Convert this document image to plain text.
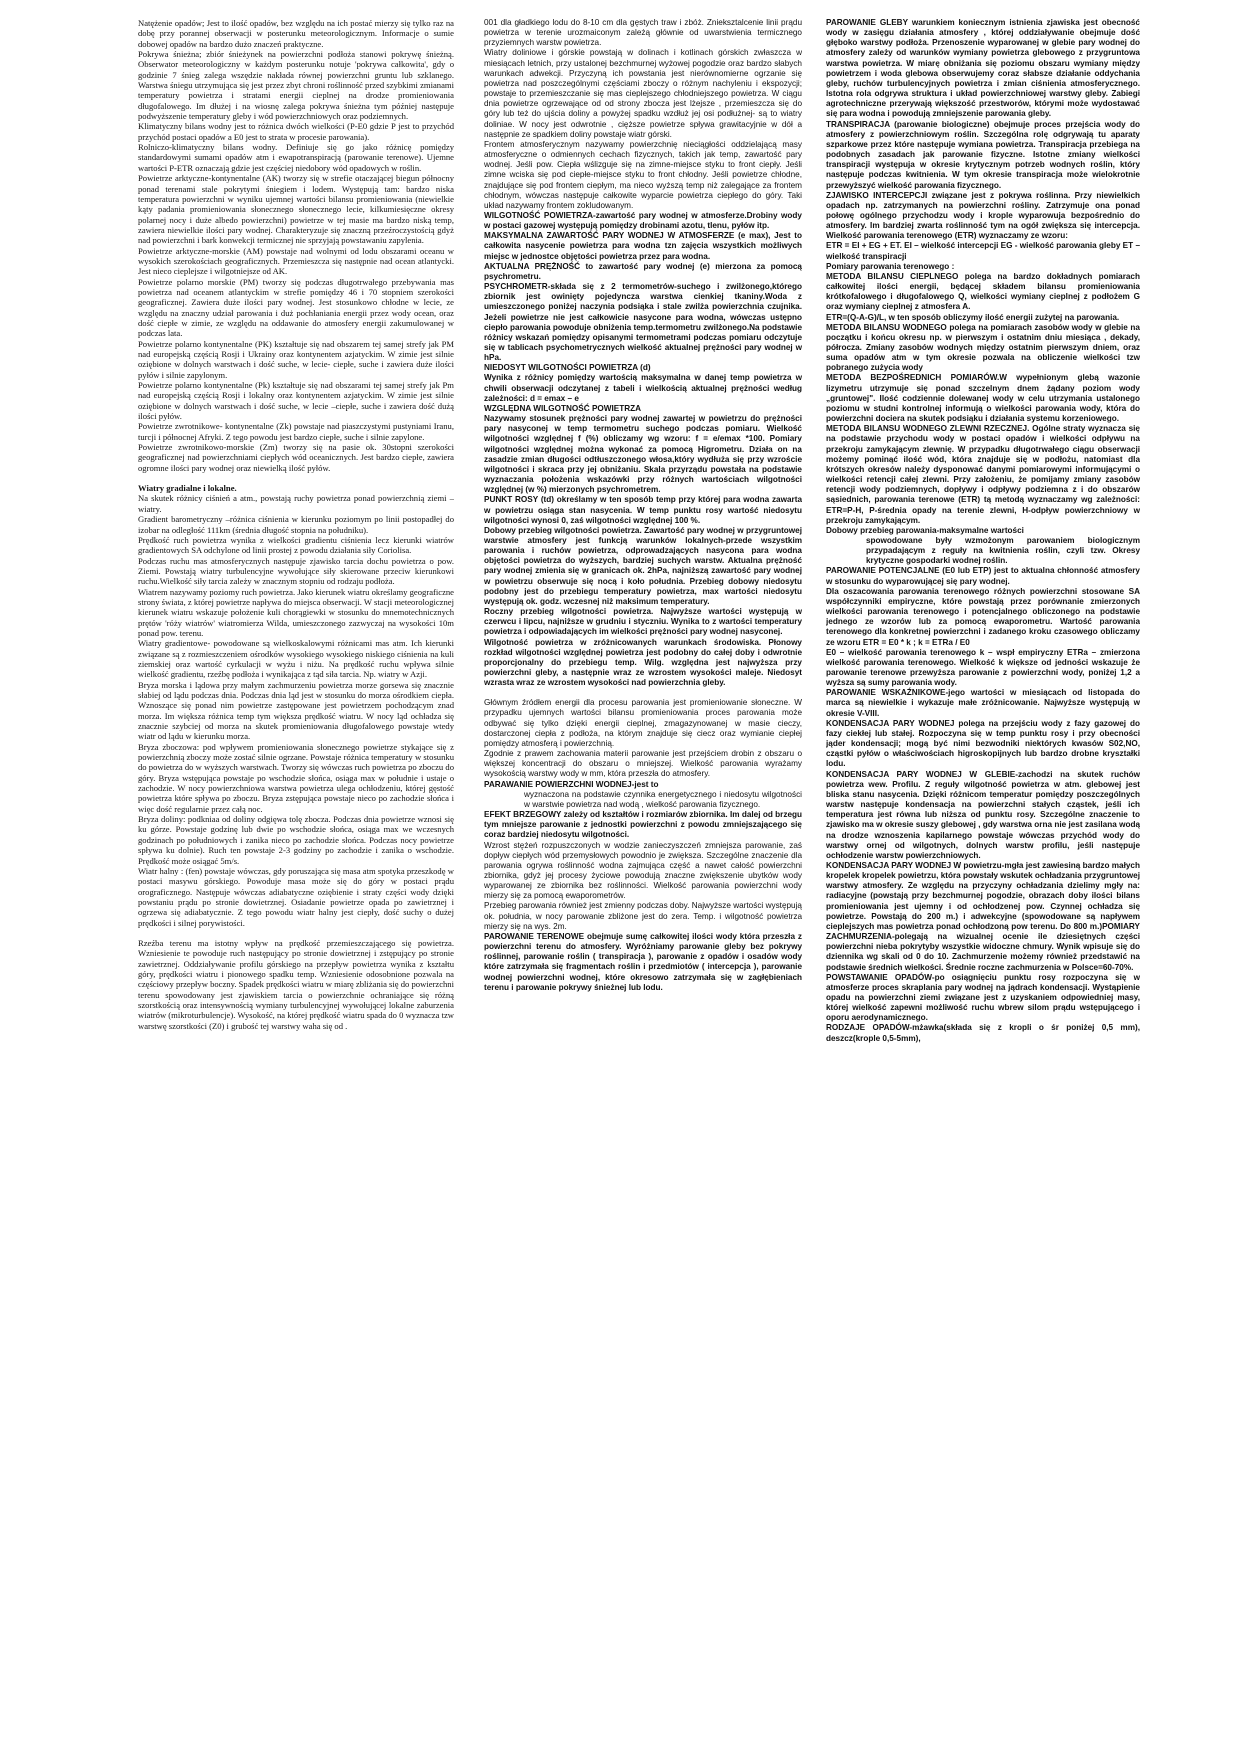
Natężenie opadów; Jest to ilość opadów, bez względu na ich postać mierzy się tylko raz na dobę przy porannej obserwacji w posterunku meteorologicznym. Informacje o sumie dobowej opadów na bardzo dużo znaczeń praktyczne.

Pokrywa śnieżna; zbiór śnieżynek na powierzchni podłoża stanowi pokrywę śnieżną. Obserwator meteorologiczny w każdym posterunku notuje 'pokrywa całkowita', gdy o godzinie 7 śnieg zalega wszędzie nakłada równej powierzchni gruntu lub szklanego. Warstwa śniegu utrzymująca się jest przez zbyt chroni roślinność przed szybkimi zmianami temperatury powietrza i stratami energii cieplnej na drodze promieniowania długofalowego. Im dłużej i na wiosnę zalega pokrywa śnieżna tym później następuje podwyższenie temperatury gleby i wód powierzchniowych oraz podziemnych.

Klimatyczny bilans wodny jest to różnica dwóch wielkości (P-E0 gdzie P jest to przychód przychód postaci opadów a E0 jest to strata w procesie parowania).

Rolniczo-klimatyczny bilans wodny. Definiuje się go jako różnicę pomiędzy standardowymi sumami opadów atm i ewapotranspiracją (parowanie terenowe). Ujemne wartości P-ETR oznaczają gdzie jest częściej niedobory wód opadowych w roślin.

Powietrze arktyczne-kontynentalne (AK) tworzy się w strefie otaczającej biegun północny ponad terenami stale pokrytymi śniegiem i lodem. Występują tam: bardzo niska temperatura powierzchni w wyniku ujemnej wartości bilansu promieniowania (niewielkie kąty padania promieniowania słonecznego słonecznego lecie, kilkumiesięczne okresy polarnej nocy i duże albedo powierzchni) powietrze w tej masie ma bardzo niską temp, zawiera niewielkie ilości pary wodnej. Charakteryzuje się znaczną przeźroczystością gdyż nad powierzchni i bark konwekcji termicznej nie sprzyjają powstawaniu zapylenia.

Powietrze arktyczne-morskie (AM) powstaje nad wolnymi od lodu obszarami oceanu w wysokich szerokościach geograficznych. Przemieszcza się następnie nad ocean atlantycki. Jest nieco cieplejsze i wilgotniejsze od AK.

Powietrze polarno morskie (PM) tworzy się podczas długotrwałego przebywania mas powietrza nad oceanem atlantyckim w strefie pomiędzy 46 i 70 stopniem szerokości geograficznej. Zawiera duże ilości pary wodnej. Jest stosunkowo chłodne w lecie, ze względu na znaczny udział parowania i duż pochłaniania energii przez wody ocean, oraz dość ciepłe w zimie, ze względu na oddawanie do atmosfery energii zakumulowanej w podczas lata.

Powietrze polarno kontynentalne (PK) kształtuje się nad obszarem tej samej strefy jak PM nad europejską częścią Rosji i Ukrainy oraz kontynentem azjatyckim. W zimie jest silnie oziębione w dolnych warstwach i dość suche, w lecie- ciepłe, suche i zawiera duże ilości pyłów i silnie zapylonym.

Powietrze polarno kontynentalne (Pk) kształtuje się nad obszarami tej samej strefy jak Pm nad europejską częścią Rosji i lokalny oraz kontynentem azjatyckim. W zimie jest silnie oziębione w dolnych warstwach i dość suche, w lecie –ciepłe, suche i zawiera dość dużą ilości pyłów.

Powietrze zwrotnikowe- kontynentalne (Zk) powstaje nad piaszczystymi pustyniami Iranu, turcji i północnej Afryki. Z tego powodu jest bardzo ciepłe, suche i silnie zapylone.

Powietrze zwrotnikowo-morskie (Zm) tworzy się na pasie ok. 30stopni szerokości geograficznej nad powierzchniami ciepłych wód oceanicznych. Jest bardzo ciepłe, zawiera ogromne ilości pary wodnej oraz niewielką ilość pyłów.

Wiatry gradialne i lokalne.

Na skutek różnicy ciśnień a atm., powstają ruchy powietrza ponad powierzchnią ziemi – wiatry.

Gradient barometryczny –różnica ciśnienia w kierunku poziomym po linii postopadłej do izobar na odległość 111km (średnia długość stopnia na południku).

Prędkość ruch powietrza wynika z wielkości gradientu ciśnienia lecz kierunki wiatrów gradientowych SA odchylone od linii prostej z powodu działania siły Coriolisa.

Podczas ruchu mas atmosferycznych następuje zjawisko tarcia dochu powietrza o pow. Ziemi. Powstają wiatry turbulencyjne wywołujące siły skierowane przeciw kierunkowi ruchu.Wielkość siły tarcia zależy w znacznym stopniu od rodzaju podłoża.

Wiatrem nazywamy poziomy ruch powietrza. Jako kierunek wiatru określamy geograficzne strony świata, z której powietrze napływa do miejsca obserwacji. W stacji meteorologicznej kierunek wiatru wskazuje położenie kuli chorągiewki w stosunku do mnemotechnicznych prętów 'róży wiatrów' wiatromierza Wilda, umieszczonego zazwyczaj na wysokości 10m ponad pow. terenu.

Wiatry gradientowe- powodowane są wielkoskalowymi różnicami mas atm. Ich kierunki związane są z rozmieszczeniem ośrodków wysokiego wysokiego niskiego ciśnienia na kuli ziemskiej oraz wartość cyrkulacji w wyżu i niżu. Na prędkość ruchu wpływa silnie wielkość gradientu, rzeźbę podłoża i wynikająca z tąd siła tarcia. Np. wiatry w Azji.

Bryza morska i lądowa przy małym zachmurzeniu powietrza morze gorsewa się znacznie słabiej od lądu podczas dnia. Podczas dnia ląd jest w stosunku do morza ośrodkiem ciepła. Wznoszące się ponad nim powietrze zastępowane jest powietrzem pochodzącym znad morza. Im większa różnica temp tym większa prędkość wiatru. W nocy ląd ochładza się znacznie szybciej od morza na skutek promieniowania długofalowego powstaje wtedy wiatr od lądu w kierunku morza.

Bryza zboczowa: pod wpływem promieniowania słonecznego powietrze stykające się z powierzchnią zboczy może zostać silnie ogrzane. Powstaje różnica temperatury w stosunku do powietrza do w wyższych warstwach. Tworzy się wówczas ruch powietrza po zboczu do góry. Bryza wstępująca powstaje po wschodzie słońca, osiąga max w południe i ustaje o zachodzie. W nocy powierzchniowa warstwa powietrza ulega ochłodzeniu, której gęstość powietrza które spływa po zboczu. Bryza zstępująca powstaje nieco po zachodzie słońca i więc dość regularnie przez całą noc.

Bryza doliny: podkniaa od doliny odgięwa tolę zbocza. Podczas dnia powietrze wznosi się ku górze. Powstaje godzinę lub dwie po wschodzie słońca, osiąga max we wczesnych godzinach po południowych i zanika nieco po zachodzie słońca. Podczas nocy powietrze spływa ku dolnie). Ruch ten powstaje 2-3 godziny po zachodzie i zanika o wschodzie. Prędkość może osiągać 5m/s.

Wiatr halny : (fen) powstaje wówczas, gdy poruszająca się masa atm spotyka przeszkodę w postaci masywu górskiego. Powoduje masa może się do góry w postaci prądu orograficznego. Następuje wówczas adiabatyczne oziębienie i straty części wody dzięki powstaniu prądu po stronie dowietrznej. Osiadanie powietrze opada po zawietrznej i ogrzewa się adiabatycznie. Z tego powodu wiatr halny jest ciepły, dość suchy o dużej prędkości i silnej porywistości.

Rzeźba terenu ma istotny wpływ na prędkość przemieszczającego się powietrza. Wzniesienie te powoduje ruch następujący po stronie dowietrznej i zstępujący po stronie zawietrznej. Oddziaływanie profilu górskiego na przepływ powietrza wynika z kształtu góry, prędkości wiatru i pionowego spadku temp. Wzniesienie odosobnione pozwala na częściowy przepływ boczny. Spadek prędkości wiatru w miarę zbliżania się do powierzchni terenu spowodowany jest zjawiskiem tarcia o powierzchnie ochraniające się różną szorstkością oraz intensywnością wymiany turbulencyjnej wywołującej lokalne zaburzenia wiatrów (mikroturbulencje). Wysokość, na której prędkość wiatru spada do 0 wyznacza tzw warstwę szorstkości (Z0) i grubość tej warstwy waha się od .

001 dla gładkiego lodu do 8-10 cm dla gęstych traw i zbóż. Znieksztalcenie linii prądu powietrza w terenie urozmaiconym zależą głównie od uwarstwienia termicznego przyziemnych warstw powietrza.

Wiatry doliniowe i górskie powstają w dolinach i kotlinach górskich zwłaszcza w miesiącach letnich, przy ustalonej bezchmurnej wyżowej pogodzie oraz bardzo słabych warunkach adwekcji. Przyczyną ich powstania jest nierównomierne ogrzanie się powietrza nad poszczególnymi częściami zboczy o różnym nachyleniu i ekspozycji; powstaje to przemieszczanie się mas cieplejszego chłodniejszego powietrza. W ciągu dnia powietrze ogrzewające od od strony zbocza jest lżejsze , przemieszcza się do góry lub też do ujścia doliny a powyżej spadku wzdłuż jej osi podłużnej- są to wiatry doliniae. W nocy jest odwrotnie , cięższe powietrze spływa grawitacyjnie w dół a następnie ze spadkiem doliny powstaje wiatr górski.

Frontem atmosferycznym nazywamy powierzchnię nieciągłości oddzielającą masy atmosferyczne o odmiennych cechach fizycznych, takich jak temp, zawartość pary wodnej. Jeśli pow. Ciepła wślizguje się na zimne-miejsce styku to front ciepły. Jeśli zimne wciska się pod ciepłe-miejsce styku to front chłodny. Jeśli powietrze chłodne, znajdujące się pod frontem ciepłym, ma nieco wyższą temp niż zalegające za frontem chłodnym, wówczas następuje całkowite wyparcie powietrza ciepłego do góry. Taki układ nazywamy frontem zokludowanym.

WILGOTNOŚĆ POWIETRZA-zawartość pary wodnej w atmosferze.Drobiny wody w postaci gazowej występują pomiędzy drobinami azotu, tlenu, pyłów itp.

MAKSYMALNA ZAWARTOŚĆ PARY WODNEJ W ATMOSFERZE (e max), Jest to całkowita nasycenie powietrza para wodna tzn zajęcia wszystkich możliwych miejsc w jednostce objętości powietrza przez para wodna.

AKTUALNA PRĘŻNOŚĆ to zawartość pary wodnej (e) mierzona za pomocą psychrometru.

PSYCHROMETR-składa się z 2 termometrów-suchego i zwilżonego,którego zbiornik jest owinięty pojedyncza warstwa cienkiej tkaniny.Woda z umieszczonego poniżej naczynia podsiąka i stale zwilża powierzchnia czujnika. Jeżeli powietrze nie jest całkowicie nasycone para wodna, wówczas ustępno ciepło parowania powoduje obniżenia temp.termometru zwilżonego.Na podstawie różnicy wskazań pomiędzy opisanymi termometrami podczas pomiaru odczytuje się w tablicach psychometrycznych wielkość aktualnej prężności pary wodnej w hPa.

NIEDOSYT WILGOTNOŚCI POWIETRZA (d)

Wynika z różnicy pomiędzy wartością maksymalna w danej temp powietrza w chwili obserwacji odczytanej z tabeli i wielkością aktualnej prężności według zależności: d = emax – e

WZGLĘDNA WILGOTNOŚĆ POWIETRZA

Nazywamy stosunek prężności pary wodnej zawartej w powietrzu do prężności pary nasyconej w temp termometru suchego podczas pomiaru. Wielkość wilgotności względnej f (%) obliczamy wg wzoru: f = e/emax *100. Pomiary wilgotności względnej można wykonać za pomocą Higrometru. Działa on na zasadzie zmian długości odtłuszczonego włosa,który wydłuża się przy wzroście wilgotności i skraca przy jej obniżaniu. Skala przyrządu powstała na podstawie wyznaczania położenia wskazówki przy różnych wartościach wilgotności względnej (w %) mierzonych psychrometrem.

PUNKT ROSY (td) określamy w ten sposób temp przy której para wodna zawarta w powietrzu osiąga stan nasycenia. W temp punktu rosy wartość niedosytu wilgotności wynosi 0, zaś wilgotności względnej 100 %.

Dobowy przebieg wilgotności powietrza. Zawartość pary wodnej w przygruntowej warstwie atmosfery jest funkcją warunków lokalnych-przede wszystkim parowania i ruchów powietrza, odprowadzających nasycona para wodna objętości powietrza do wyższych, bardziej suchych warstw. Aktualna prężność pary wodnej zmienia się w granicach ok. 2hPa, najniższą zawartość pary wodnej w powietrzu obserwuje się nocą i koło południa. Przebieg dobowy niedosytu podobny jest do przebiegu temperatury powietrza, max wartości niedosytu występują ok. godz. wczesnej niż maksimum temperatury.

Roczny przebieg wilgotności powietrza. Najwyższe wartości występują w czerwcu i lipcu, najniższe w grudniu i styczniu. Wynika to z wartości temperatury powietrza i odpowiadających im wielkości prężności pary wodnej nasyconej.

Wilgotność powietrza w zróżnicowanych warunkach środowiska. Płonowy rozkład wilgotności względnej powietrza jest podobny do całej doby i odwrotnie proporcjonalny do przebiegu temp. Wilg. względna jest najwyższa przy powierzchni gleby, a następnie wraz ze wzrostem wysokości maleje. Niedosyt wzrasta wraz ze wzrostem wysokości nad powierzchnia gleby.

Głównym źródłem energii dla procesu parowania jest promieniowanie słoneczne. W przypadku ujemnych wartości bilansu promieniowania proces parowania może odbywać się tylko dzięki energii cieplnej, zmagazynowanej w masie cieczy, dostarczonej ciepła z podłoża, na którym znajduje się ciecz oraz wymianie ciepłej pomiędzy atmosferą i powierzchnią.

Zgodnie z prawem zachowania materii parowanie jest przejściem drobin z obszaru o większej koncentracji do obszaru o mniejszej. Wielkość parowania wyrażamy wysokością warstwy wody w mm, która przeszła do atmosfery.

PARAWANIE POWIERZCHNI WODNEJ-jest to

wyznaczona na podstawie czynnika energetycznego i niedosytu wilgotności w warstwie powietrza nad wodą , wielkość parowania fizycznego.

EFEKT BRZEGOWY zależy od kształtów i rozmiarów zbiornika. Im dalej od brzegu tym mniejsze parowanie z jednostki powierzchni z powodu zmniejszającego się coraz bardziej niedosytu wilgotności.

Wzrost stężeń rozpuszczonych w wodzie zanieczyszczeń zmniejsza parowanie, zaś dopływ ciepłych wód przemysłowych powodnio je zwiększa. Szczególne znaczenie dla parowania ogrywa roślinność wodna zajmująca część a nawet całość powierzchni zbiornika, gdyż jej procesy życiowe powodują znaczne zwiększenie ubytków wody wyparowanej ze zbiornika bez roślinności. Wielkość parowania powierzchni wody mierzy się za pomocą ewaporometrów.

Przebieg parowania również jest zmienny podczas doby. Najwyższe wartości występują ok. południa, w nocy parowanie zbliżone jest do zera. Temp. i wilgotność powietrza mierzy się na wys. 2m.

PAROWANIE TERENOWE obejmuje sumę całkowitej ilości wody która przeszła z powierzchni terenu do atmosfery. Wyróżniamy parowanie gleby bez pokrywy roślinnej, parowanie roślin ( transpiracja ), parowanie z opadów i osadów wody które zatrzymała się fragmentach roślin i przedmiotów ( intercepcja ), parowanie wodnej powierzchni wodnej, które okresowo zatrzymała się w zagłębieniach terenu i parowanie pokrywy śnieżnej lub lodu.

PAROWANIE GLEBY warunkiem koniecznym istnienia zjawiska jest obecność wody w zasięgu działania atmosfery , której oddziaływanie obejmuje dość głęboko warstwy podłoża. Przenoszenie wyparowanej w glebie pary wodnej do atmosfery zależy od warunków wymiany powietrza glebowego z przygruntowa warstwa powietrza. W miarę obniżania się poziomu obszaru wymiany między powietrzem i woda glebowa obserwujemy coraz słabsze działanie oddychania gleby, ruchów turbulencyjnych powietrza i zmian ciśnienia atmosferycznego. Istotna rola odgrywa struktura i układ powierzchniowej warstwy gleby. Zabiegi agrotechniczne przerywają większość przestworów, którymi może wydostawać się para wodna i powodują zmniejszenie parowania gleby.

TRANSPIRACJA (parowanie biologiczne) obejmuje proces przejścia wody do atmosfery z powierzchniowym roślin. Szczególna rolę odgrywają tu aparaty szparkowe przez które następuje wymiana powietrza. Transpiracja przebiega na podobnych zasadach jak parowanie fizyczne. Istotne zmiany wielkości transpiracji występuja w okresie krytycznym potrzeb wodnych roślin, który następuje podczas kwitnienia. W tym okresie transpiracja może wielokrotnie przewyższyć wielkość parowania fizycznego.

ZJAWISKO INTERCEPCJI związane jest z pokrywa roślinna. Przy niewielkich opadach np. zatrzymanych na powierzchni rośliny. Zatrzymuje ona ponad połowę ogólnego przychodzu wody i krople wyparowuja bezpośrednio do atmosfery. Im bardziej zwarta roślinność tym na ogół zwiększa się intercepcja. Wielkość parowania terenowego (ETR) wyznaczamy ze wzoru:

ETR = EI + EG + ET. EI – wielkość intercepcji EG - wielkość parowania gleby ET – wielkość transpiracji

Pomiary parowania terenowego :

METODA BILANSU CIEPLNEGO polega na bardzo dokładnych pomiarach całkowitej ilości energii, będącej składem bilansu promieniowania krótkofalowego i długofalowego Q, wielkości wymiany cieplnej z podłożem G oraz wymiany cieplnej z atmosfera A.

ETR=(Q-A-G)/L, w ten sposób obliczymy ilość energii zużytej na parowania.

METODA BILANSU WODNEGO polega na pomiarach zasobów wody w glebie na początku i końcu okresu np. w pierwszym i ostatnim dniu miesiąca , dekady, półrocza. Zmiany zasobów wodnych między ostatnim pierwszym dniem, oraz suma opadów atm w tym okresie pozwala na obliczenie wielkości tzw pobranego zużycia wody

METODA BEZPOŚREDNICH POMIARÓW.W wypełnionym glebą wazonie lizymetru utrzymuje się ponad szczelnym dnem żądany poziom wody „gruntowej". Ilość codziennie dolewanej wody w celu utrzymania ustalonego poziomu w studni kontrolnej informują o wielkości parowania wody, która do powierzchni dociera na skutek podsiąku i działania systemu korzeniowego.

METODA BILANSU WODNEGO ZLEWNI RZECZNEJ. Ogólne straty wyznacza się na podstawie przychodu wody w postaci opadów i wielkości odpływu na przekroju zamykającym zlewnię. W przypadku długotrwałego ciągu obserwacji możemy pominąć ilość wód, która znajduje się w podłożu, natomiast dla krótszych okresów należy dysponować danymi pomiarowymi informującymi o wielkości retencji całej zlewni. Przy założeniu, że pomijamy zmiany zasobów retencji wody podziemnych, dopływy i odpływy podziemna z i do obszarów sąsiednich, parowania terenowe (ETR) tą metodą wyznaczamy wg zależności: ETR=P-H, P-średnia opady na terenie zlewni, H-odpływ powierzchniowy w przekroju zamykającym.

Dobowy przebieg parowania-maksymalne wartości

spowodowane były wzmożonym parowaniem biologicznym przypadającym z reguły na kwitnienia roślin, czyli tzw. Okresy krytyczne gospodarki wodnej roślin.

PAROWANIE POTENCJALNE (E0 lub ETP) jest to aktualna chłonność atmosfery w stosunku do wyparowującej się pary wodnej.

Dla oszacowania parowania terenowego różnych powierzchni stosowane SA współczynniki empiryczne, które powstają przez porównanie zmierzonych wielkości parowania terenowego i potencjalnego obliczonego na podstawie jednego ze wzorów lub za pomocą ewaporometru. Wartość parowania terenowego dla konkretnej powierzchni i zadanego kroku czasowego obliczamy ze wzoru ETR = E0 * k ; k = ETRa / E0

E0 – wielkość parowania terenowego k – wspł empiryczny ETRa – zmierzona wielkość parowania terenowego. Wielkość k większe od jedności wskazuje że parowanie terenowe przewyższa parowanie z powierzchni wody, poniżej 1,2 a wyższa są sumy parowania wody.

PAROWANIE WSKAŹNIKOWE-jego wartości w miesiącach od listopada do marca są niewielkie i wykazuje małe zróżnicowanie. Najwyższe występują w okresie V-VIII.

KONDENSACJA PARY WODNEJ polega na przejściu wody z fazy gazowej do fazy ciekłej lub stałej. Rozpoczyna się w temp punktu rosy i przy obecności jąder kondensacji; mogą być nimi bezwodniki niektórych kwasów S02,NO, cząstki pyłów o właściwościach higroskopijnych lub bardzo drobne kryształki lodu.

KONDENSACJA PARY WODNEJ W GLEBIE-zachodzi na skutek ruchów powietrza wew. Profilu. Z reguły wilgotność powietrza w atm. glebowej jest bliska stanu nasycenia. Dzięki różnicom temperatur pomiędzy poszczególnych warstw następuje kondensacja na powierzchni stałych cząstek, jeśli ich temperatura jest równa lub niższa od punktu rosy. Szczególne znaczenie to zjawisko ma w okresie suszy glebowej , gdy warstwa orna nie jest zasilana wodą na drodze wznoszenia kapilarnego powstaje wówczas przychód wody do warstwy ornej od wilgotnych, dolnych warstw profilu, jeśli następuje ochłodzenie warstw powierzchniowych.

KONDENSACJA PARY WODNEJ W powietrzu-mgła jest zawiesiną bardzo małych kropelek kropelek powietrzu, która powstały wskutek ochładzania przygruntowej warstwy atmosfery. Ze względu na przyczyny ochładzania dzielimy mgły na: radiacyjne (powstają przy bezchmurnej pogodzie, obrazach doby ilości bilans promieniowania jest ujemny i od ochłodzenej pow. Czynnej ochładza się powietrze. Powstają do 200 m.) i adwekcyjne (spowodowane są napływem cieplejszych mas powietrza ponad ochłodzoną pow terenu. Do 800 m.)POMIARY ZACHMURZENIA-polegają na wizualnej ocenie ile dziesiętnych części powierzchni nieba pokrytyby wszystkie widoczne chmury. Wynik wpisuje się do dziennika wg skali od 0 do 10. Zachmurzenie możemy również przedstawić na podstawie średnich wielkości. Średnie roczne zachmurzenia w Polsce=60-70%.

POWSTAWANIE OPADÓW-po osiągnięciu punktu rosy rozpoczyna się w atmosferze proces skraplania pary wodnej na jądrach kondensacji. Wystąpienie opadu na powierzchni ziemi związane jest z uzyskaniem odpowiedniej masy, której wielkość zapewni możliwość ruchu wbrew silom prądu wstępującego i oporu aerodynamicznego.

RODZAJE OPADÓW-mżawka(składa się z kropli o śr poniżej 0,5 mm), deszcz(krople 0,5-5mm),
